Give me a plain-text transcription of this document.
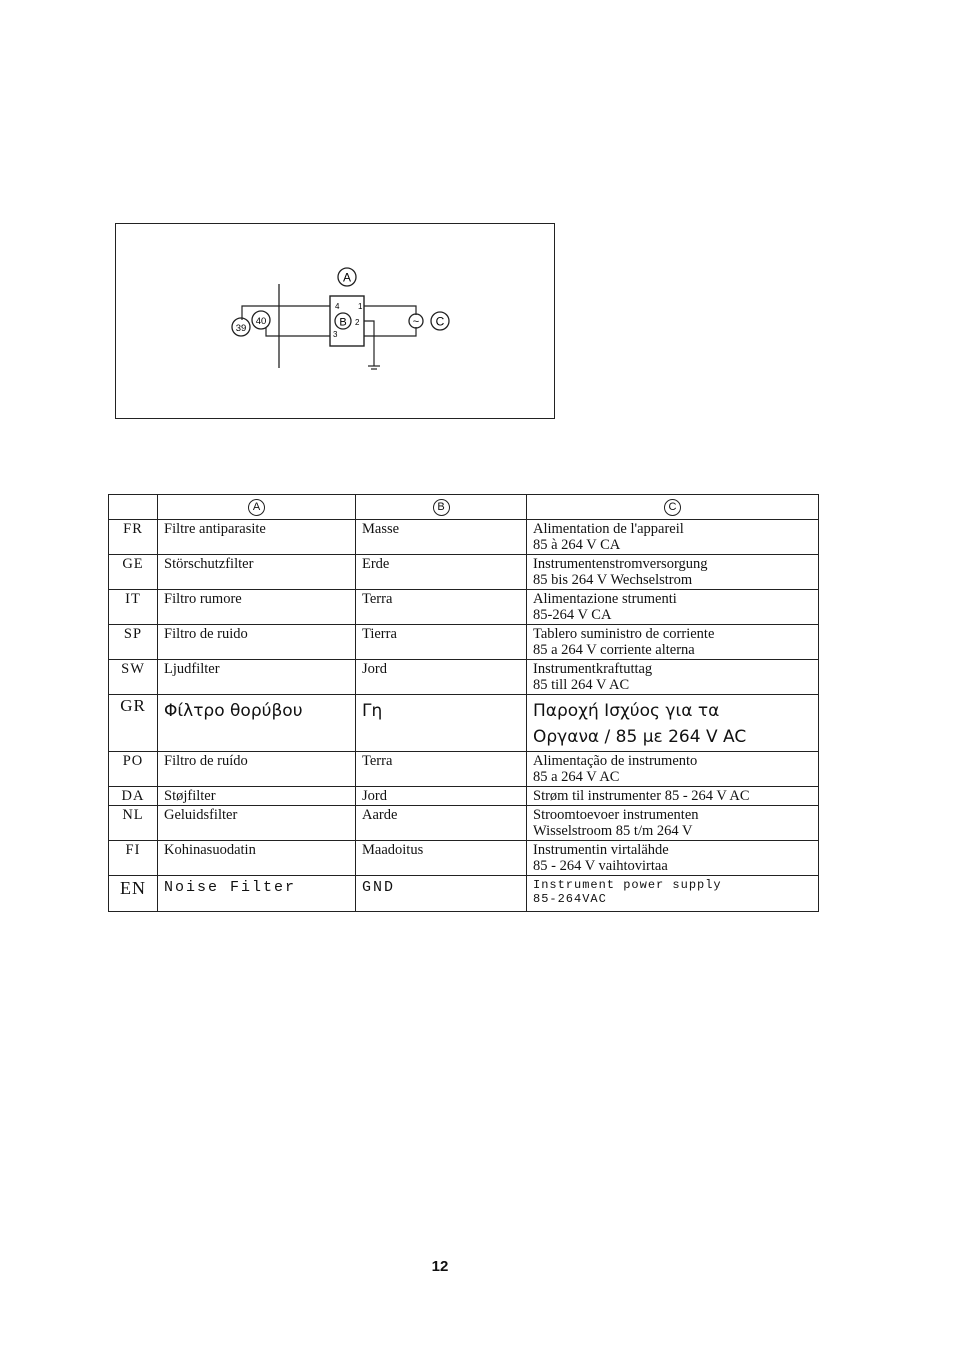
A
4 1
3
2
B
39
40	~ C
	A	B	C
FR	Filtre antiparasite	Masse	Alimentation de l'appareil
85 à 264 V CA

GE	Störschutzfilter	Erde	Instrumentenstromversorgung
85 bis 264 V Wechselstrom

IT	Filtro rumore	Terra	Alimentazione strumenti
85-264 V CA

SP	Filtro de ruido	Tierra	Tablero suministro de corriente
85 a 264 V corriente alterna

SW	Ljudfilter	Jord	Instrumentkraftuttag
85 till 264 V AC

GR	Φίλτρο θορύβου	Γη	Παροχή Ισχύος για τα
Οργανα / 85 με 264 V AC

PO	Filtro de ruído	Terra	Alimentação de instrumento
85 a 264 V AC

DA	Støjfilter	Jord	Strøm til instrumenter 85 - 264 V AC

NL	Geluidsfilter	Aarde	Stroomtoevoer instrumenten
Wisselstroom 85 t/m 264 V

FI	Kohinasuodatin	Maadoitus	Instrumentin virtalähde
85 - 264 V vaihtovirtaa

EN	Noise Filter	GND	Instrument power supply
85-264VAC
12
